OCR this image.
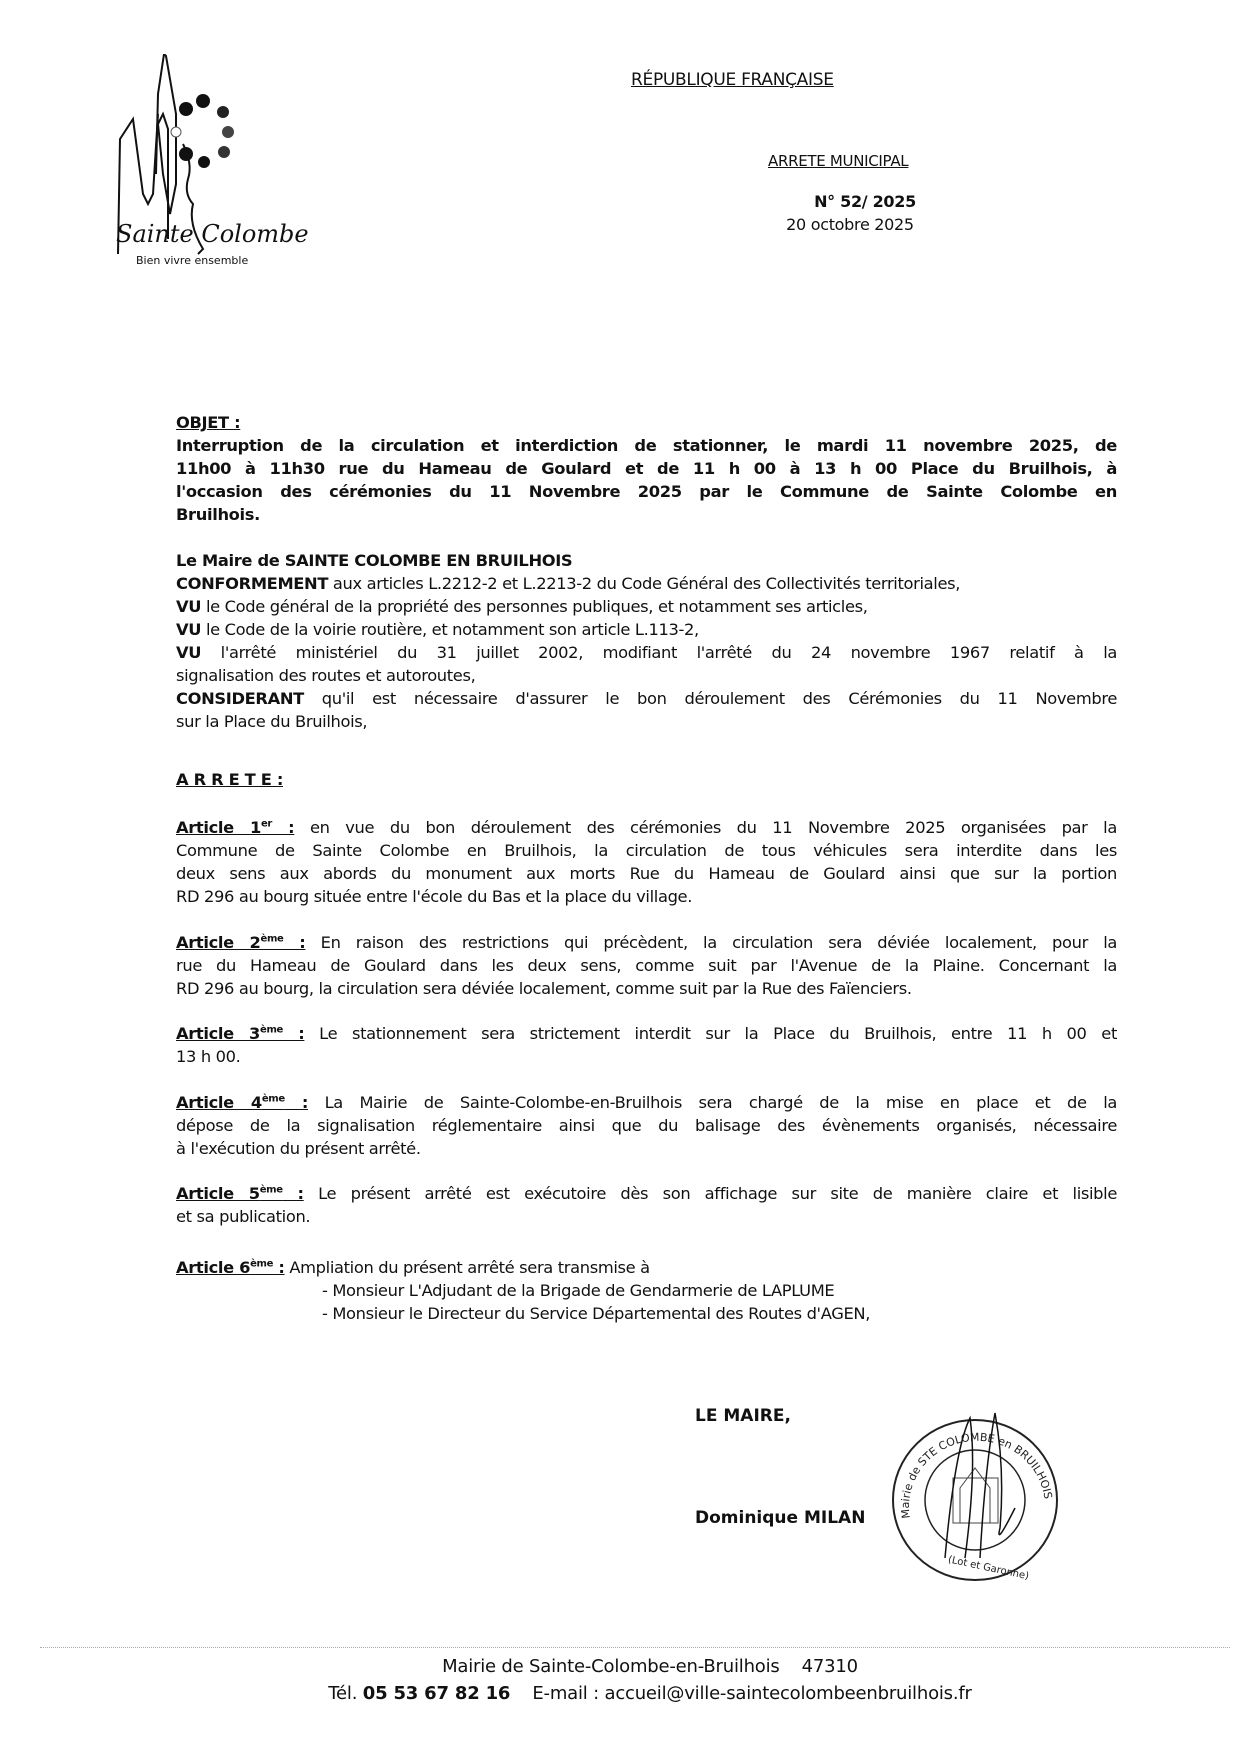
Sainte Colombe
Bien vivre ensemble
RÉPUBLIQUE FRANÇAISE
ARRETE MUNICIPAL
N° 52/ 2025
20 octobre 2025
OBJET :
Interruption de la circulation et interdiction de stationner, le mardi 11 novembre 2025, de
11h00 à 11h30 rue du Hameau de Goulard et de 11 h 00 à 13 h 00 Place du Bruilhois, à
l'occasion des cérémonies du 11 Novembre 2025 par le Commune de Sainte Colombe en
Bruilhois.
Le Maire de SAINTE COLOMBE EN BRUILHOIS
CONFORMEMENT aux articles L.2212-2 et L.2213-2 du Code Général des Collectivités territoriales,
VU le Code général de la propriété des personnes publiques, et notamment ses articles,
VU le Code de la voirie routière, et notamment son article L.113-2,
VU l'arrêté ministériel du 31 juillet 2002, modifiant l'arrêté du 24 novembre 1967 relatif à la
signalisation des routes et autoroutes,
CONSIDERANT qu'il est nécessaire d'assurer le bon déroulement des Cérémonies du 11 Novembre
sur la Place du Bruilhois,
A R R E T E :
Article 1er : en vue du bon déroulement des cérémonies du 11 Novembre 2025 organisées par la
Commune de Sainte Colombe en Bruilhois, la circulation de tous véhicules sera interdite dans les
deux sens aux abords du monument aux morts Rue du Hameau de Goulard ainsi que sur la portion
RD 296 au bourg située entre l'école du Bas et la place du village.
Article 2ème : En raison des restrictions qui précèdent, la circulation sera déviée localement, pour la
rue du Hameau de Goulard dans les deux sens, comme suit par l'Avenue de la Plaine. Concernant la
RD 296 au bourg, la circulation sera déviée localement, comme suit par la Rue des Faïenciers.
Article 3ème : Le stationnement sera strictement interdit sur la Place du Bruilhois, entre 11 h 00 et
13 h 00.
Article 4ème : La Mairie de Sainte-Colombe-en-Bruilhois sera chargé de la mise en place et de la
dépose de la signalisation réglementaire ainsi que du balisage des évènements organisés, nécessaire
à l'exécution du présent arrêté.
Article 5ème : Le présent arrêté est exécutoire dès son affichage sur site de manière claire et lisible
et sa publication.
Article 6ème : Ampliation du présent arrêté sera transmise à
- Monsieur L'Adjudant de la Brigade de Gendarmerie de LAPLUME
- Monsieur le Directeur du Service Départemental des Routes d'AGEN,
LE MAIRE,
Dominique MILAN	Mairie de STE COLOMBE en BRUILHOIS
(Lot et Garonne)
Mairie de Sainte-Colombe-en-Bruilhois    47310
Tél. 05 53 67 82 16    E-mail : accueil@ville-saintecolombeenbruilhois.fr
